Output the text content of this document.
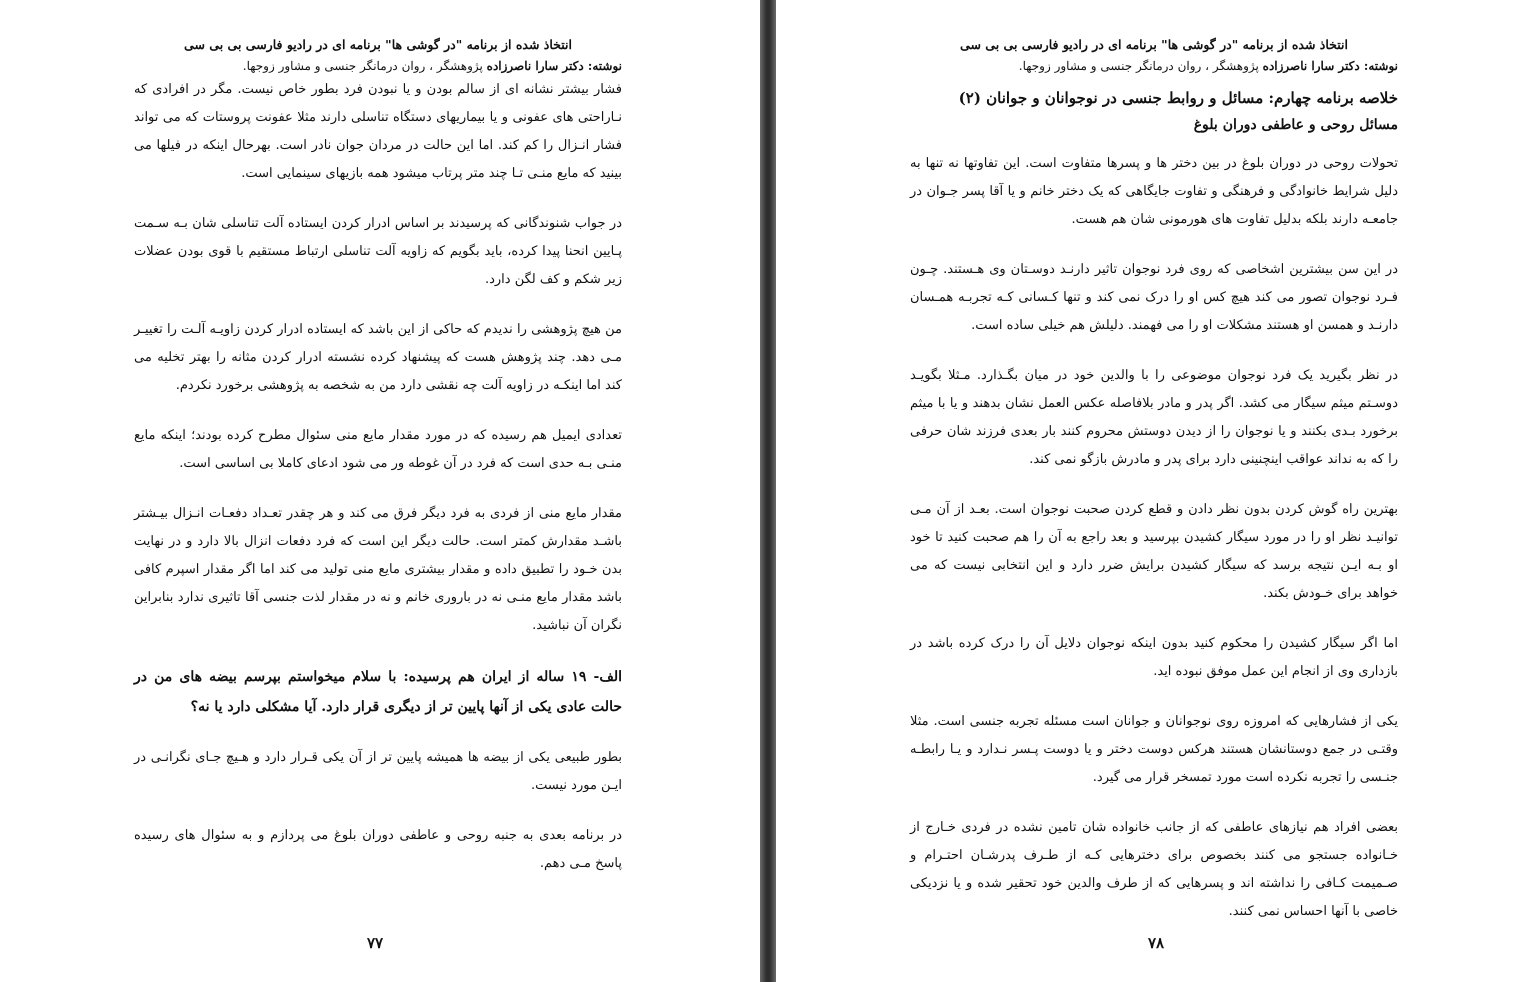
انتخاذ شده از برنامه "در گوشی ها" برنامه ای در رادیو فارسی بی بی سی
نوشته: دکتر سارا ناصرزاده پژوهشگر ، روان درمانگر جنسی و مشاور زوجها.

فشار بیشتر نشانه ای از سالم بودن و یا نبودن فرد بطور خاص نیست. مگر در افرادی که نـاراحتی های عفونی و یا بیماریهای دستگاه تناسلی دارند مثلا عفونت پروستات که می تواند فشار انـزال را کم کند. اما این حالت در مردان جوان نادر است. بهرحال اینکه در فیلها می بینید که مایع منـی تـا چند متر پرتاب میشود همه بازیهای سینمایی است.

در جواب شنوندگانی که پرسیدند بر اساس ادرار کردن ایستاده آلت تناسلی شان بـه سـمت پـایین انحنا پیدا کرده، باید بگویم که زاویه آلت تناسلی ارتباط مستقیم با قوی بودن عضلات زیر شکم و کف لگن دارد.

من هیچ پژوهشی را ندیدم که حاکی از این باشد که ایستاده ادرار کردن زاویـه آلـت را تغییـر مـی دهد. چند پژوهش هست که پیشنهاد کرده نشسته ادرار کردن مثانه را بهتر تخلیه می کند اما اینکـه در زاویه آلت چه نقشی دارد من به شخصه به پژوهشی برخورد نکردم.

تعدادی ایمیل هم رسیده که در مورد مقدار مایع منی سئوال مطرح کرده بودند؛ اینکه مایع منـی بـه حدی است که فرد در آن غوطه ور می شود ادعای کاملا بی اساسی است.

مقدار مایع منی از فردی به فرد دیگر فرق می کند و هر چقدر تعـداد دفعـات انـزال بیـشتر باشـد مقدارش کمتر است. حالت دیگر این است که فرد دفعات انزال بالا دارد و در نهایت بدن خـود را تطبیق داده و مقدار بیشتری مایع منی تولید می کند اما اگر مقدار اسپرم کافی باشد مقدار مایع منـی نه در باروری خانم و نه در مقدار لذت جنسی آقا تاثیری ندارد بنابراین نگران آن نباشید.

الف- ۱۹ ساله از ایران هم پرسیده: با سلام میخواستم بپرسم بیضه های من در حالت عادی یکی از آنها پایین تر از دیگری قرار دارد. آیا مشکلی دارد یا نه؟

بطور طبیعی یکی از بیضه ها همیشه پایین تر از آن یکی قـرار دارد و هـیچ جـای نگرانـی در ایـن مورد نیست.

در برنامه بعدی به جنبه روحی و عاطفی دوران بلوغ می پردازم و به سئوال های رسیده پاسخ مـی دهم.

۷۷
انتخاذ شده از برنامه "در گوشی ها" برنامه ای در رادیو فارسی بی بی سی
نوشته: دکتر سارا ناصرزاده پژوهشگر ، روان درمانگر جنسی و مشاور زوجها.
خلاصه برنامه چهارم: مسائل و روابط جنسی در نوجوانان و جوانان (۲)
مسائل روحی و عاطفی دوران بلوغ

تحولات روحی در دوران بلوغ در بین دختر ها و پسرها متفاوت است. این تفاوتها نه تنها به دلیل شرایط خانوادگی و فرهنگی و تفاوت جایگاهی که یک دختر خانم و یا آقا پسر جـوان در جامعـه دارند بلکه بدلیل تفاوت های هورمونی شان هم هست.

در این سن بیشترین اشخاصی که روی فرد نوجوان تاثیر دارنـد دوسـتان وی هـستند. چـون فـرد نوجوان تصور می کند هیچ کس او را درک نمی کند و تنها کـسانی کـه تجربـه همـسان دارنـد و همسن او هستند مشکلات او را می فهمند. دلیلش هم خیلی ساده است.

در نظر بگیرید یک فرد نوجوان موضوعی را با والدین خود در میان بگـذارد. مـثلا بگویـد دوسـتم میثم سیگار می کشد. اگر پدر و مادر بلافاصله عکس العمل نشان بدهند و یا با میثم برخورد بـدی بکنند و یا نوجوان را از دیدن دوستش محروم کنند بار بعدی فرزند شان حرفی را که به نداند عواقب اینچنینی دارد برای پدر و مادرش بازگو نمی کند.

بهترین راه گوش کردن بدون نظر دادن و قطع کردن صحبت نوجوان است. بعـد از آن مـی توانیـد نظر او را در مورد سیگار کشیدن بپرسید و بعد راجع به آن را هم صحبت کنید تا خود او بـه ایـن نتیجه برسد که سیگار کشیدن برایش ضرر دارد و این انتخابی نیست که می خواهد برای خـودش بکند.

اما اگر سیگار کشیدن را محکوم کنید بدون اینکه نوجوان دلایل آن را درک کرده باشد در بازداری وی از انجام این عمل موفق نبوده اید.

یکی از فشارهایی که امروزه روی نوجوانان و جوانان است مسئله تجربه جنسی است. مثلا وقتـی در جمع دوستانشان هستند هرکس دوست دختر و یا دوست پـسر نـدارد و یـا رابطـه جنـسی را تجربه نکرده است مورد تمسخر قرار می گیرد.

بعضی افراد هم نیازهای عاطفی که از جانب خانواده شان تامین نشده در فردی خـارج از خـانواده جستجو می کنند بخصوص برای دخترهایی کـه از طـرف پدرشـان احتـرام و صـمیمت کـافی را نداشته اند و پسرهایی که از طرف والدین خود تحقیر شده و یا نزدیکی خاصی با آنها احساس نمی کنند.

۷۸
